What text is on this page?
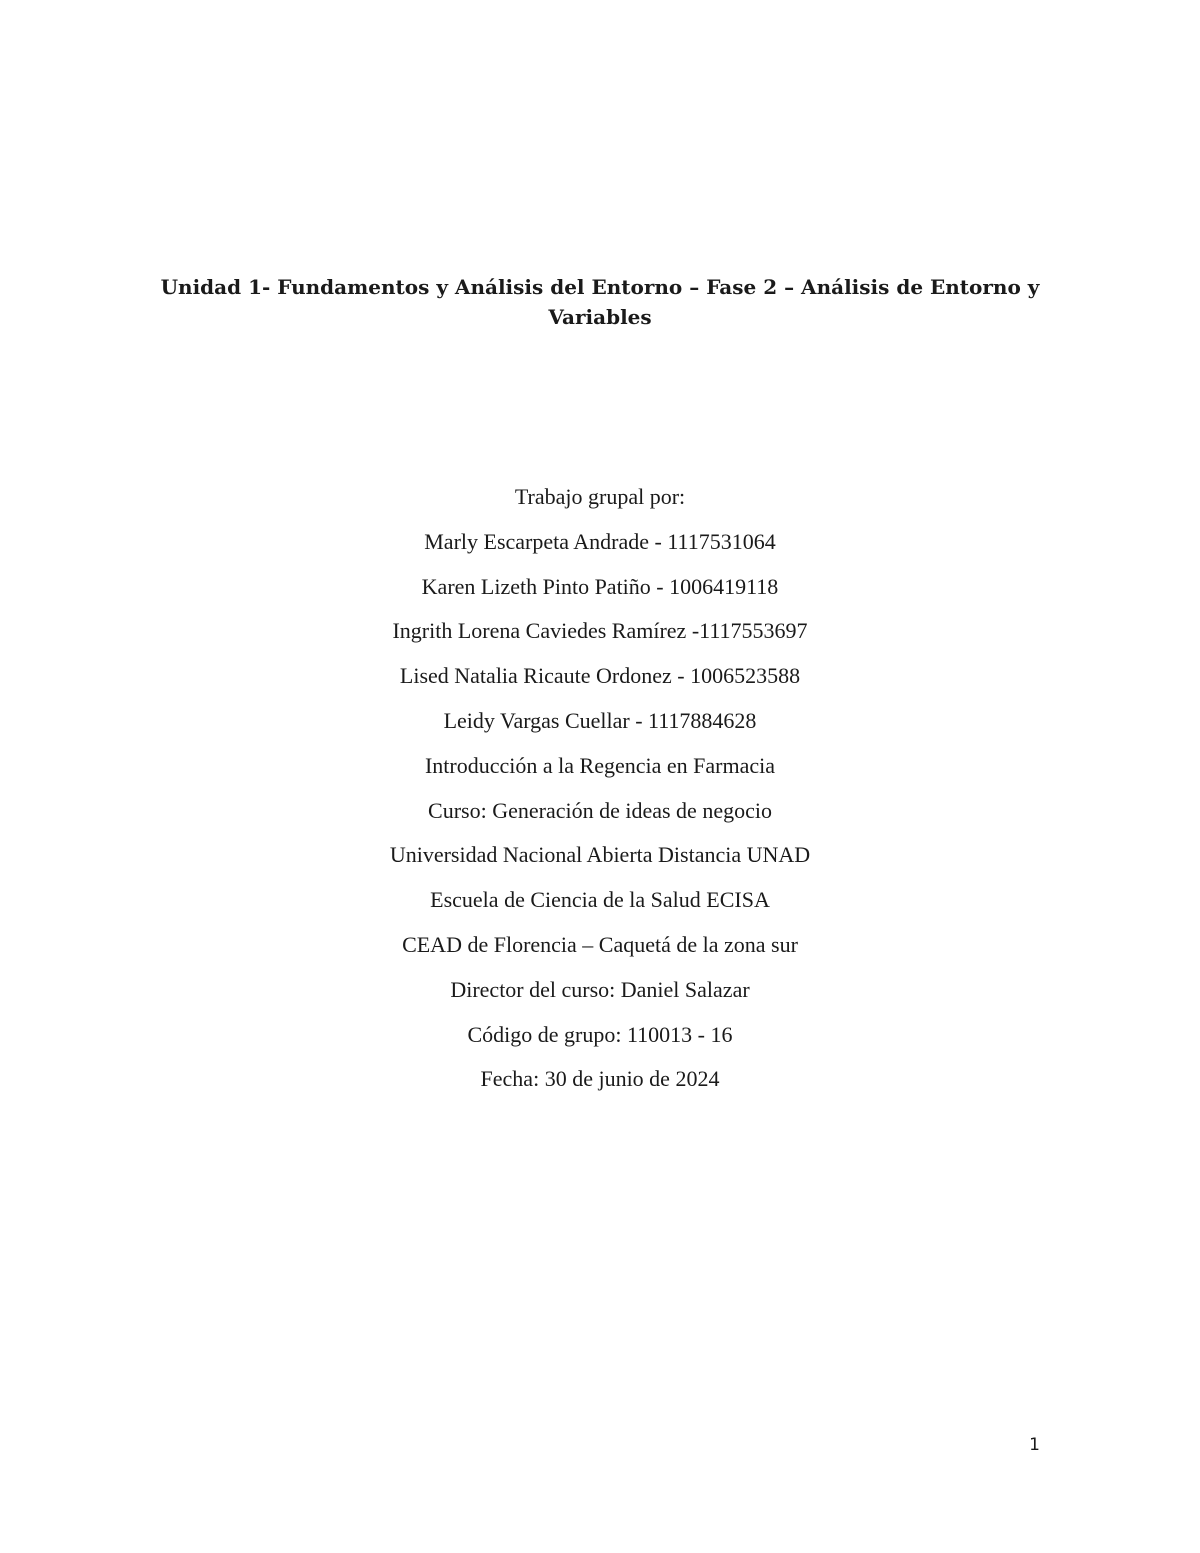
Unidad 1- Fundamentos y Análisis del Entorno – Fase 2 – Análisis de Entorno y Variables

Trabajo grupal por:

Marly Escarpeta Andrade - 1117531064

Karen Lizeth Pinto Patiño - 1006419118

Ingrith Lorena Caviedes Ramírez -1117553697

Lised Natalia Ricaute Ordonez - 1006523588

Leidy Vargas Cuellar - 1117884628

Introducción a la Regencia en Farmacia

Curso: Generación de ideas de negocio

Universidad Nacional Abierta Distancia UNAD

Escuela de Ciencia de la Salud ECISA

CEAD de Florencia – Caquetá de la zona sur

Director del curso: Daniel Salazar

Código de grupo: 110013 - 16

Fecha: 30 de junio de 2024

1
